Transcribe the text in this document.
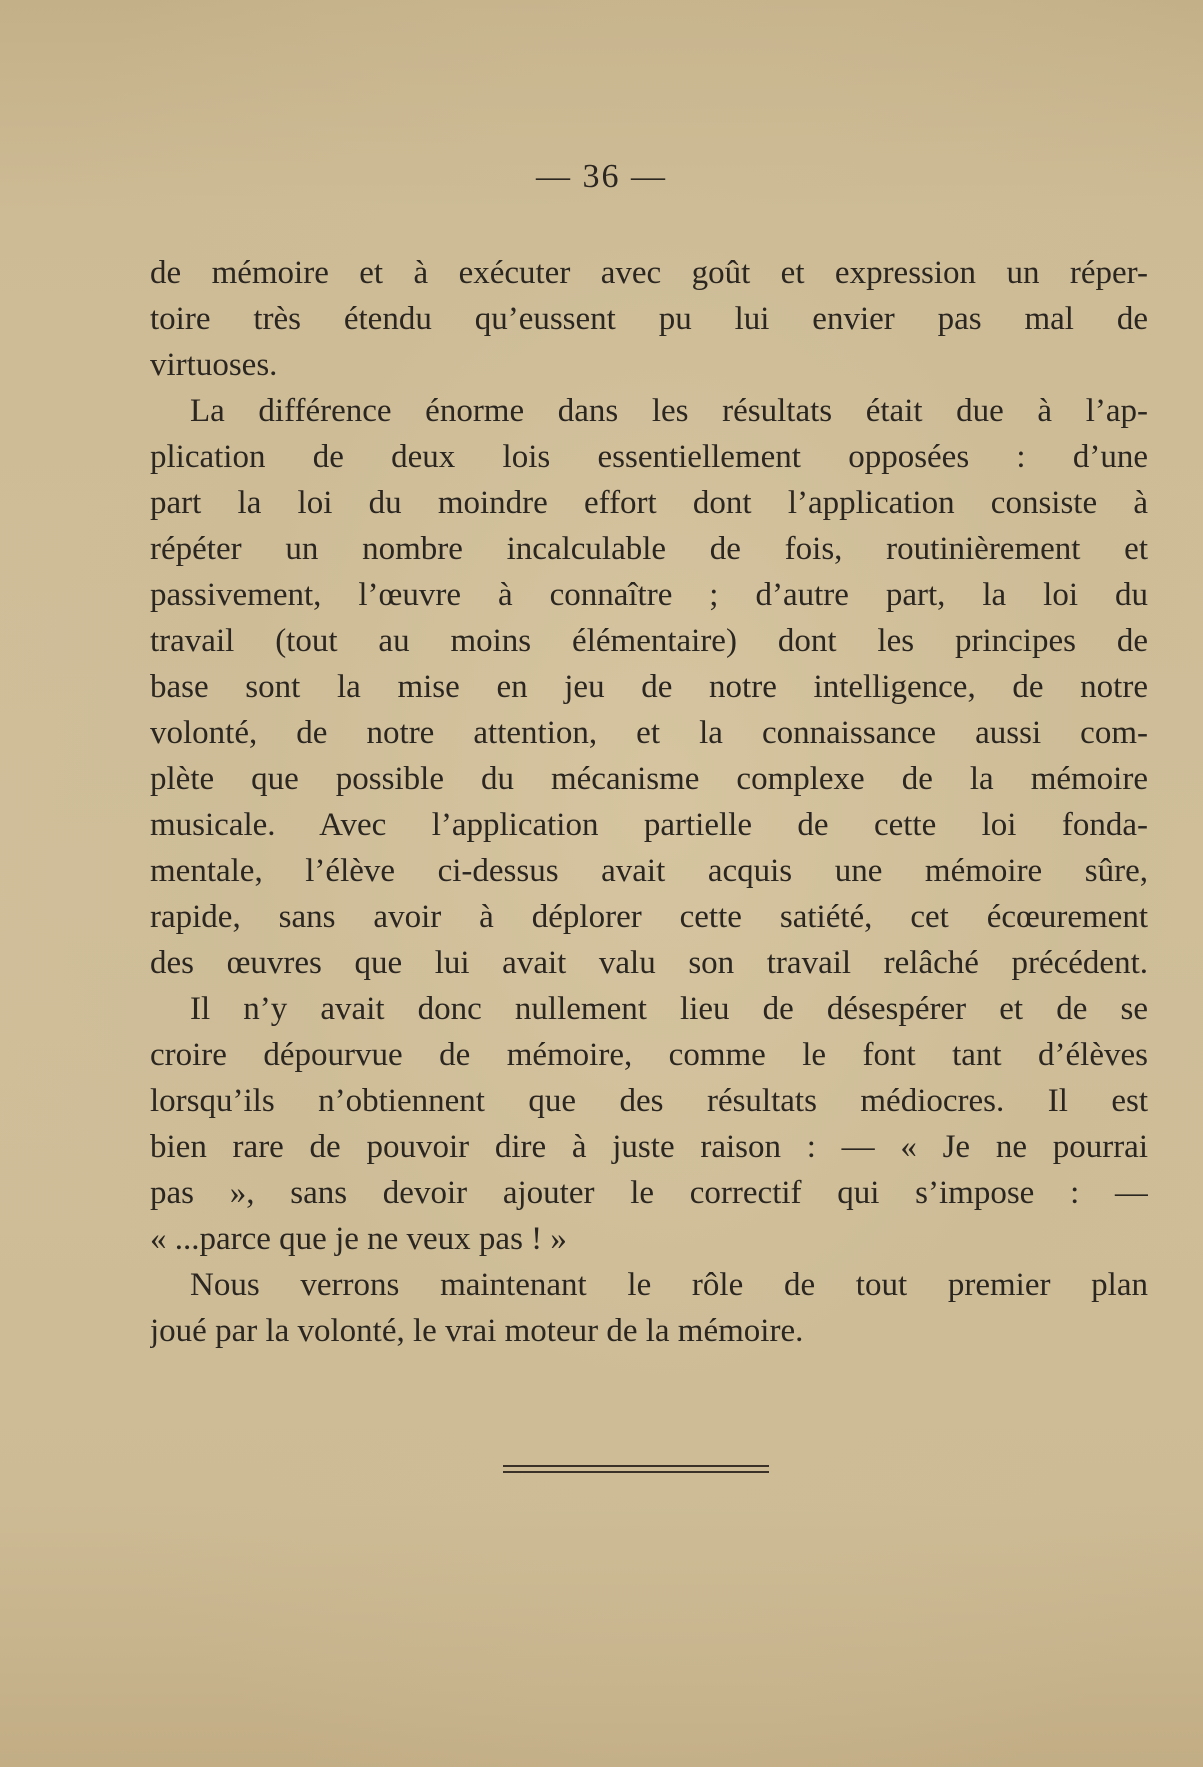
— 36 —
de mémoire et à exécuter avec goût et expression un réper-
toire très étendu qu’eussent pu lui envier pas mal de
virtuoses.
La différence énorme dans les résultats était due à l’ap-
plication de deux lois essentiellement opposées : d’une
part la loi du moindre effort dont l’application consiste à
répéter un nombre incalculable de fois, routinièrement et
passivement, l’œuvre à connaître ; d’autre part, la loi du
travail (tout au moins élémentaire) dont les principes de
base sont la mise en jeu de notre intelligence, de notre
volonté, de notre attention, et la connaissance aussi com-
plète que possible du mécanisme complexe de la mémoire
musicale. Avec l’application partielle de cette loi fonda-
mentale, l’élève ci-dessus avait acquis une mémoire sûre,
rapide, sans avoir à déplorer cette satiété, cet écœurement
des œuvres que lui avait valu son travail relâché précédent.
Il n’y avait donc nullement lieu de désespérer et de se
croire dépourvue de mémoire, comme le font tant d’élèves
lorsqu’ils n’obtiennent que des résultats médiocres. Il est
bien rare de pouvoir dire à juste raison : — « Je ne pourrai
pas », sans devoir ajouter le correctif qui s’impose : —
« ...parce que je ne veux pas ! »
Nous verrons maintenant le rôle de tout premier plan
joué par la volonté, le vrai moteur de la mémoire.
